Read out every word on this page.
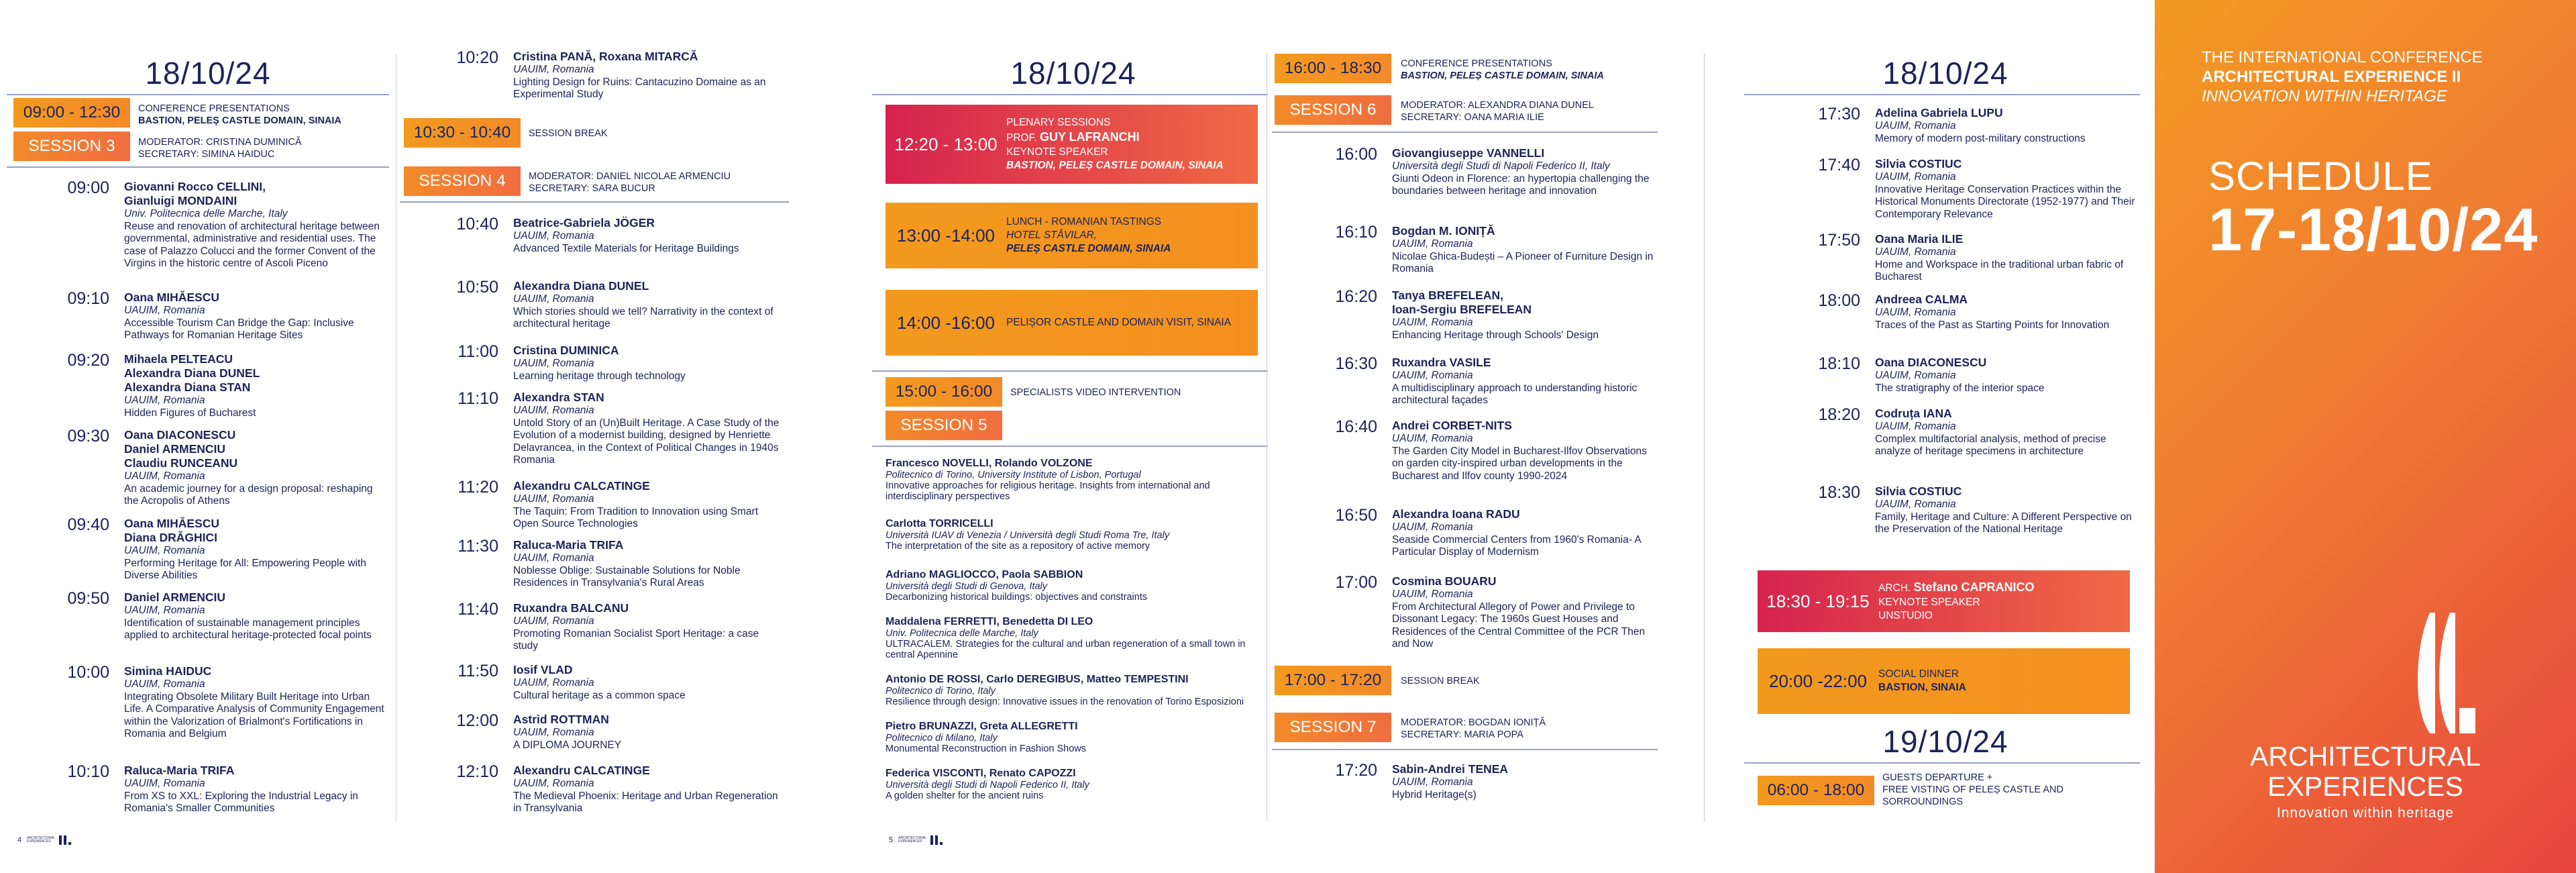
18/10/24
09:00 - 12:30	CONFERENCE PRESENTATIONS
BASTION, PELEȘ CASTLE DOMAIN, SINAIA
SESSION 3	MODERATOR: CRISTINA DUMINICĂ
SECRETARY: SIMINA HAIDUC
10:30 - 10:40	SESSION BREAK
SESSION 4	MODERATOR: DANIEL NICOLAE ARMENCIU
SECRETARY: SARA BUCUR
4 ARCHITECTURAL EXPERIENCES
18/10/24
12:20 - 13:00
PLENARY SESSIONS
PROF. GUY LAFRANCHI
KEYNOTE SPEAKER
BASTION, PELEȘ CASTLE DOMAIN, SINAIA
13:00 -14:00
LUNCH - ROMANIAN TASTINGS
HOTEL STÂVILAR,
PELEȘ CASTLE DOMAIN, SINAIA
14:00 -16:00	PELIȘOR CASTLE AND DOMAIN VISIT, SINAIA
15:00 - 16:00	SPECIALISTS VIDEO INTERVENTION
SESSION 5
16:00 - 18:30	CONFERENCE PRESENTATIONS
BASTION, PELEȘ CASTLE DOMAIN, SINAIA
SESSION 6	MODERATOR: ALEXANDRA DIANA DUNEL
SECRETARY: OANA MARIA ILIE
17:00 - 17:20	SESSION BREAK
SESSION 7	MODERATOR: BOGDAN IONIȚĂ
SECRETARY: MARIA POPA
5 ARCHITECTURAL EXPERIENCES
18/10/24
18:30 - 19:15
ARCH. Stefano CAPRANICO
KEYNOTE SPEAKER
UNSTUDIO
20:00 -22:00	SOCIAL DINNER
BASTION, SINAIA
19/10/24
06:00 - 18:00
GUESTS DEPARTURE +
FREE VISTING OF PELEȘ CASTLE AND
SORROUNDINGS
THE INTERNATIONAL CONFERENCE
ARCHITECTURAL EXPERIENCE II
INNOVATION WITHIN HERITAGE
SCHEDULE
17-18/10/24
ARCHITECTURAL
EXPERIENCES
Innovation within heritage
09:00	Giovanni Rocco CELLINI,
Gianluigi MONDAINI
Univ. Politecnica delle Marche, Italy
Reuse and renovation of architectural heritage between governmental, administrative and residential uses. The case of Palazzo Colucci and the former Convent of the Virgins in the historic centre of Ascoli Piceno
09:10	Oana MIHĂESCU
UAUIM, Romania
Accessible Tourism Can Bridge the Gap: Inclusive Pathways for Romanian Heritage Sites
09:20	Mihaela PELTEACU
Alexandra Diana DUNEL
Alexandra Diana STAN
UAUIM, Romania
Hidden Figures of Bucharest
09:30	Oana DIACONESCU
Daniel ARMENCIU
Claudiu RUNCEANU
UAUIM, Romania
An academic journey for a design proposal: reshaping the Acropolis of Athens
09:40	Oana MIHĂESCU
Diana DRĂGHICI
UAUIM, Romania
Performing Heritage for All: Empowering People with Diverse Abilities
09:50	Daniel ARMENCIU
UAUIM, Romania
Identification of sustainable management principles applied to architectural heritage-protected focal points
10:00	Simina HAIDUC
UAUIM, Romania
Integrating Obsolete Military Built Heritage into Urban Life. A Comparative Analysis of Community Engagement within the Valorization of Brialmont's Fortifications in Romania and Belgium
10:10	Raluca-Maria TRIFA
UAUIM, Romania
From XS to XXL: Exploring the Industrial Legacy in Romania's Smaller Communities
10:20	Cristina PANĂ, Roxana MITARCĂ
UAUIM, Romania
Lighting Design for Ruins: Cantacuzino Domaine as an Experimental Study
10:40	Beatrice-Gabriela JÖGER
UAUIM, Romania
Advanced Textile Materials for Heritage Buildings
10:50	Alexandra Diana DUNEL
UAUIM, Romania
Which stories should we tell? Narrativity in the context of architectural heritage
11:00	Cristina DUMINICA
UAUIM, Romania
Learning heritage through technology
11:10	Alexandra STAN
UAUIM, Romania
Untold Story of an (Un)Built Heritage. A Case Study of the Evolution of a modernist building, designed by Henriette Delavrancea, in the Context of Political Changes in 1940s Romania
11:20	Alexandru CALCATINGE
UAUIM, Romania
The Taquin: From Tradition to Innovation using Smart Open Source Technologies
11:30	Raluca-Maria TRIFA
UAUIM, Romania
Noblesse Oblige: Sustainable Solutions for Noble Residences in Transylvania's Rural Areas
11:40	Ruxandra BALCANU
UAUIM, Romania
Promoting Romanian Socialist Sport Heritage: a case study
11:50	Iosif VLAD
UAUIM, Romania
Cultural heritage as a common space
12:00	Astrid ROTTMAN
UAUIM, Romania
A DIPLOMA JOURNEY
12:10	Alexandru CALCATINGE
UAUIM, Romania
The Medieval Phoenix: Heritage and Urban Regeneration in Transylvania
16:00	Giovangiuseppe VANNELLI
Università degli Studi di Napoli Federico II, Italy
Giunti Odeon in Florence: an hypertopia challenging the boundaries between heritage and innovation
16:10	Bogdan M. IONIȚĂ
UAUIM, Romania
Nicolae Ghica-Budești – A Pioneer of Furniture Design in Romania
16:20	Tanya BREFELEAN,
Ioan-Sergiu BREFELEAN
UAUIM, Romania
Enhancing Heritage through Schools' Design
16:30	Ruxandra VASILE
UAUIM, Romania
A multidisciplinary approach to understanding historic architectural façades
16:40	Andrei CORBET-NITS
UAUIM, Romania
The Garden City Model in Bucharest-Ilfov Observations on garden city-inspired urban developments in the Bucharest and Ilfov county 1990-2024
16:50	Alexandra Ioana RADU
UAUIM, Romania
Seaside Commercial Centers from 1960's Romania- A Particular Display of Modernism
17:00	Cosmina BOUARU
UAUIM, Romania
From Architectural Allegory of Power and Privilege to Dissonant Legacy: The 1960s Guest Houses and Residences of the Central Committee of the PCR Then and Now
17:20	Sabin-Andrei TENEA
UAUIM, Romania
Hybrid Heritage(s)
17:30	Adelina Gabriela LUPU
UAUIM, Romania
Memory of modern post-military constructions
17:40	Silvia COSTIUC
UAUIM, Romania
Innovative Heritage Conservation Practices within the Historical Monuments Directorate (1952-1977) and Their Contemporary Relevance
17:50	Oana Maria ILIE
UAUIM, Romania
Home and Workspace in the traditional urban fabric of Bucharest
18:00	Andreea CALMA
UAUIM, Romania
Traces of the Past as Starting Points for Innovation
18:10	Oana DIACONESCU
UAUIM, Romania
The stratigraphy of the interior space
18:20	Codruța IANA
UAUIM, Romania
Complex multifactorial analysis, method of precise analyze of heritage specimens in architecture
18:30	Silvia COSTIUC
UAUIM, Romania
Family, Heritage and Culture: A Different Perspective on the Preservation of the National Heritage
Francesco NOVELLI, Rolando VOLZONE
Politecnico di Torino, University Institute of Lisbon, Portugal
Innovative approaches for religious heritage. Insights from international and interdisciplinary perspectives
Carlotta TORRICELLI
Università IUAV di Venezia / Università degli Studi Roma Tre, Italy
The interpretation of the site as a repository of active memory
Adriano MAGLIOCCO, Paola SABBION
Università degli Studi di Genova, Italy
Decarbonizing historical buildings: objectives and constraints
Maddalena FERRETTI, Benedetta DI LEO
Univ. Politecnica delle Marche, Italy
ULTRACALEM. Strategies for the cultural and urban regeneration of a small town in central Apennine
Antonio DE ROSSI, Carlo DEREGIBUS, Matteo TEMPESTINI
Politecnico di Torino, Italy
Resilience through design: Innovative issues in the renovation of Torino Esposizioni
Pietro BRUNAZZI, Greta ALLEGRETTI
Politecnico di Milano, Italy
Monumental Reconstruction in Fashion Shows
Federica VISCONTI, Renato CAPOZZI
Università degli Studi di Napoli Federico II, Italy
A golden shelter for the ancient ruins
